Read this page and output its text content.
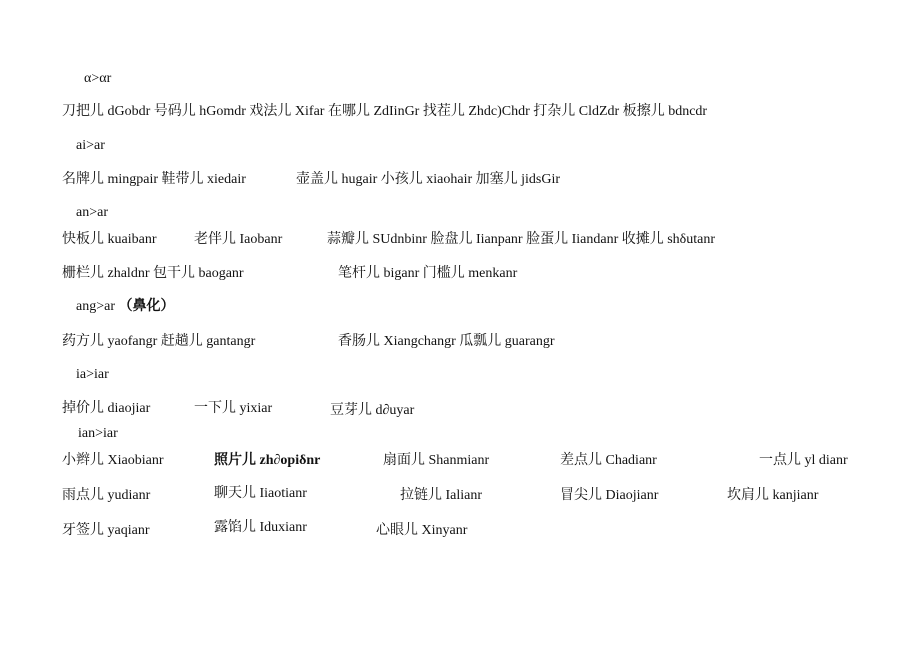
α>αr
刀把儿 dGobdr 号码儿 hGomdr 戏法儿 Xifar 在哪儿 ZdIinGr 找茬儿 Zhdc)Chdr 打杂儿 CldZdr 板擦儿 bdncdr
ai>ar
名牌儿 mingpair 鞋带儿 xiedair	壶盖儿 hugair 小孩儿 xiaohair 加塞儿 jidsGir
an>ar
快板儿 kuaibanr	老伴儿 Iaobanr	蒜瓣儿 SUdnbinr 脸盘儿 Iianpanr 脸蛋儿 Iiandanr 收摊儿 shδutanr
栅栏儿 zhaldnr 包干儿 baoganr	笔杆儿 biganr 门槛儿 menkanr
ang>ar （鼻化）
药方儿 yaofangr 赶趟儿 gantangr	香肠儿 Xiangchangr 瓜瓢儿 guarangr
ia>iar
掉价儿 diaojiar	一下儿 yixiar	豆芽儿 d∂uyar
ian>iar
小辫儿 Xiaobianr	照片儿 zh∂opiδnr	扇面儿 Shanmianr	差点儿 Chadianr	一点儿 yl dianr
雨点儿 yudianr	聊天儿 Iiaotianr	拉链儿 Ialianr	冒尖儿 Diaojianr	坎肩儿 kanjianr
牙签儿 yaqianr	露馅儿 Iduxianr	心眼儿 Xinyanr
